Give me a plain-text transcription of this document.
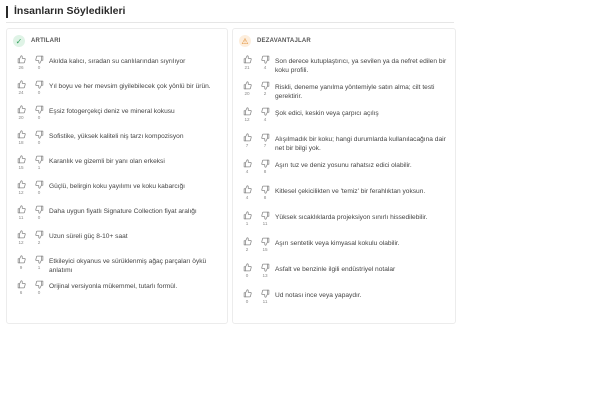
İnsanların Söyledikleri
✓	ARTILARI
26	0
Akılda kalıcı, sıradan su canlılarından sıyrılıyor
24	0
Yıl boyu ve her mevsim giyilebilecek çok yönlü bir ürün.
20	0
Eşsiz fotogerçekçi deniz ve mineral kokusu
18	0
Sofistike, yüksek kaliteli niş tarzı kompozisyon
15	1
Karanlık ve gizemli bir yanı olan erkeksi
12	0
Güçlü, belirgin koku yayılımı ve koku kabarcığı
11	0
Daha uygun fiyatlı Signature Collection fiyat aralığı
12	2
Uzun süreli güç 8-10+ saat
9	1
Etkileyici okyanus ve sürüklenmiş ağaç parçaları öykü anlatımı
6	0
Orijinal versiyonla mükemmel, tutarlı formül.
⚠	DEZAVANTAJLAR
21	4
Son derece kutuplaştırıcı, ya sevilen ya da nefret edilen bir koku profili.
20	2
Riskli, deneme yanılma yöntemiyle satın alma; cilt testi gerektirir.
12	4
Şok edici, keskin veya çarpıcı açılış
7	7
Alışılmadık bir koku; hangi durumlarda kullanılacağına dair net bir bilgi yok.
4	8
Aşırı tuz ve deniz yosunu rahatsız edici olabilir.
4	8
Kitlesel çekicilikten ve 'temiz' bir ferahlıktan yoksun.
1	11
Yüksek sıcaklıklarda projeksiyon sınırlı hissedilebilir.
2	15
Aşırı sentetik veya kimyasal kokulu olabilir.
0	13
Asfalt ve benzinle ilgili endüstriyel notalar
0	11
Ud notası ince veya yapaydır.
